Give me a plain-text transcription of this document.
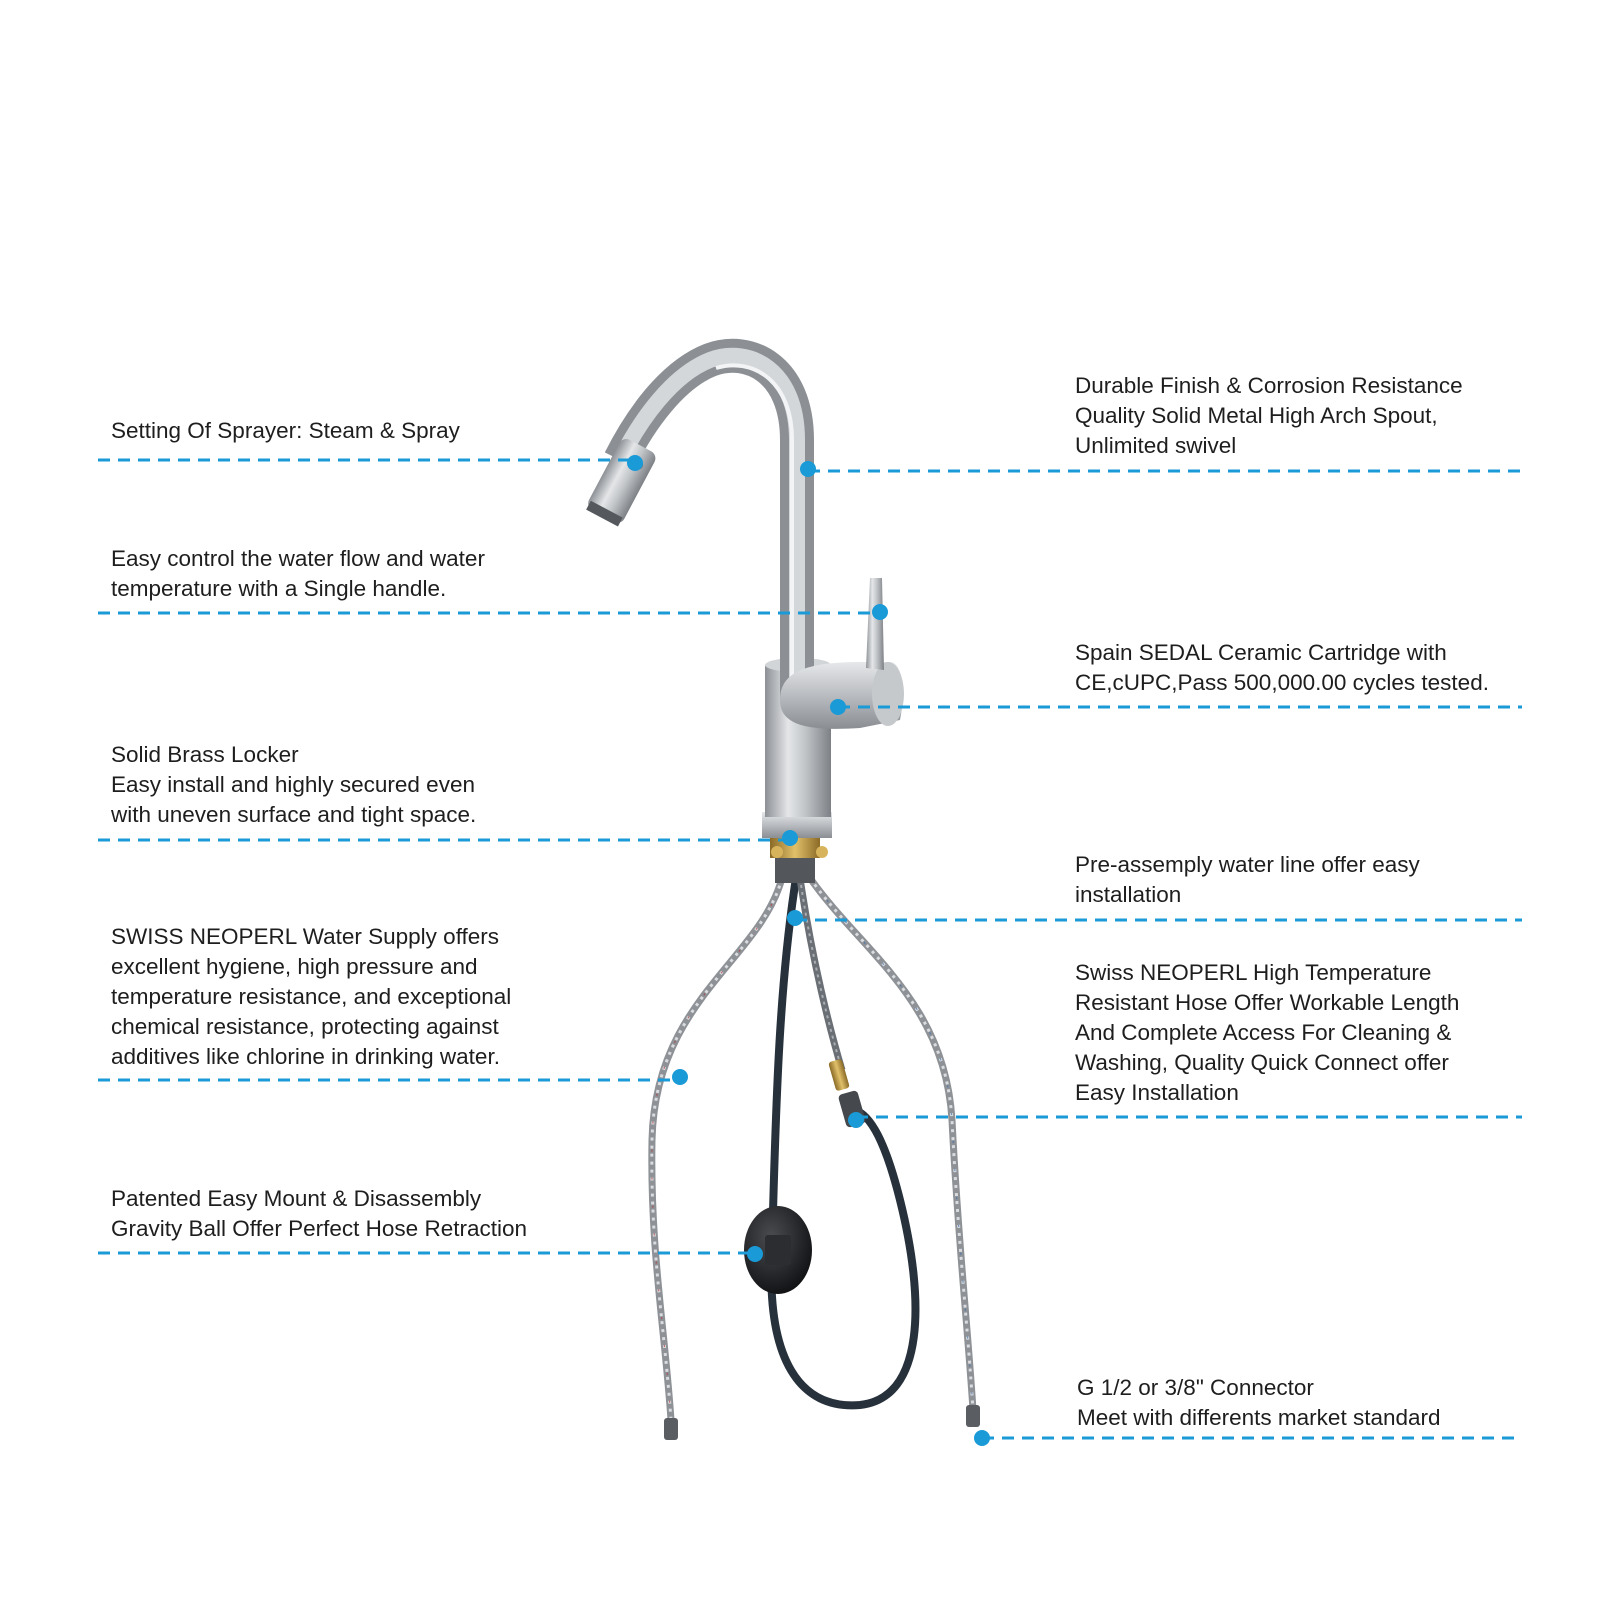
Setting Of Sprayer: Steam & Spray
Easy control the water flow and water
temperature with a Single handle.
Solid Brass Locker
Easy install and highly secured even
with uneven surface and tight space.
SWISS NEOPERL Water Supply offers
excellent hygiene, high pressure and
temperature resistance, and exceptional
chemical resistance, protecting against
additives like chlorine in drinking water.
Patented Easy Mount & Disassembly
Gravity Ball Offer Perfect Hose Retraction
Durable Finish & Corrosion Resistance
Quality Solid Metal High Arch Spout,
Unlimited swivel
Spain SEDAL Ceramic Cartridge with
CE,cUPC,Pass 500,000.00 cycles tested.
Pre-assemply water line offer easy
installation
Swiss NEOPERL High Temperature
Resistant Hose Offer Workable Length
And Complete Access For Cleaning &
Washing, Quality Quick Connect offer
Easy Installation
G 1/2 or 3/8" Connector
Meet with differents market standard
